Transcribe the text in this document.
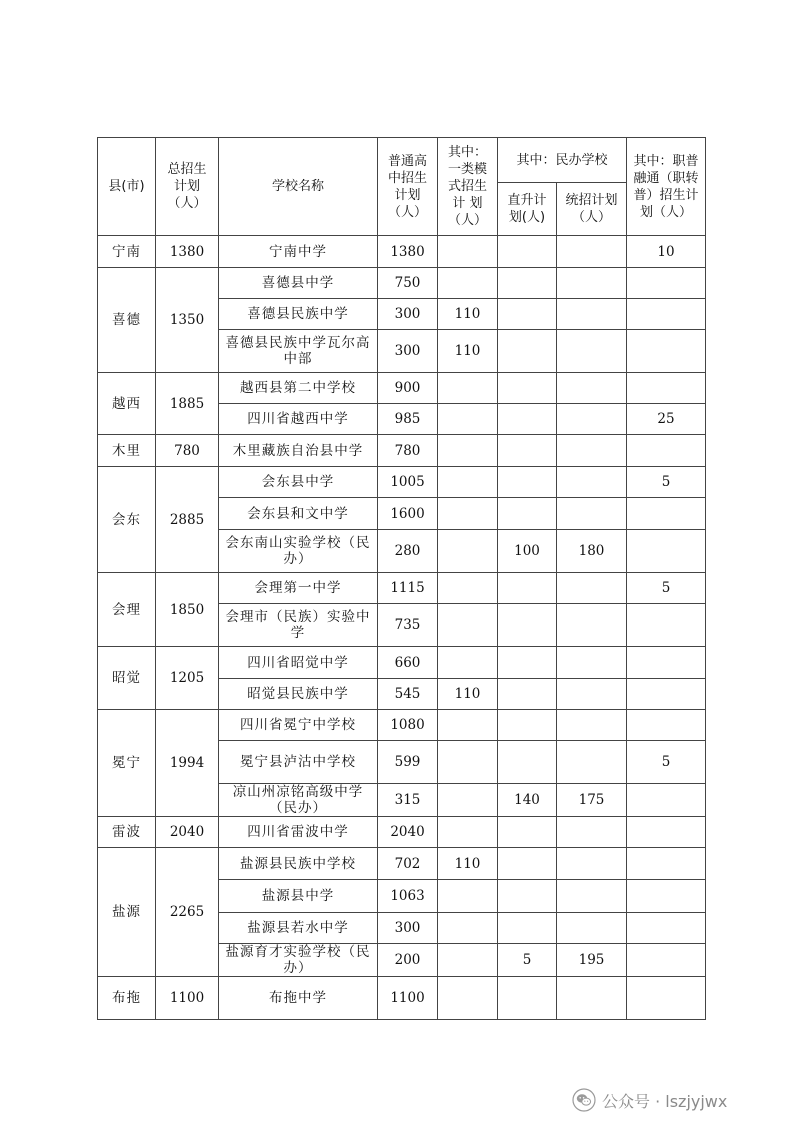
县(市)	总招生计划（人）	学校名称	普通高中招生计划（人）	其中：一类模式招生 计 划（人）	其中：民办学校		其中：职普融通（职转普）招生计划（人）
					直升计划(人)	统招计划（人）	
宁南	1380	宁南中学	1380				10
喜德	1350	喜德县中学	750				
		喜德县民族中学	300	110			
		喜德县民族中学瓦尔高中部	300	110			
越西	1885	越西县第二中学校	900				
		四川省越西中学	985				25
木里	780	木里藏族自治县中学	780				
会东	2885	会东县中学	1005				5
		会东县和文中学	1600				
		会东南山实验学校（民办）	280		100	180	
会理	1850	会理第一中学	1115				5
		会理市（民族）实验中学	735				
昭觉	1205	四川省昭觉中学	660				
		昭觉县民族中学	545	110			
冕宁	1994	四川省冕宁中学校	1080				
		冕宁县泸沽中学校	599				5
		凉山州凉铭高级中学（民办）	315		140	175	
雷波	2040	四川省雷波中学	2040				
盐源	2265	盐源县民族中学校	702	110			
		盐源县中学	1063				
		盐源县若水中学	300				
		盐源育才实验学校（民办）	200		5	195	
布拖	1100	布拖中学	1100				
公众号 · lszjyjwx
